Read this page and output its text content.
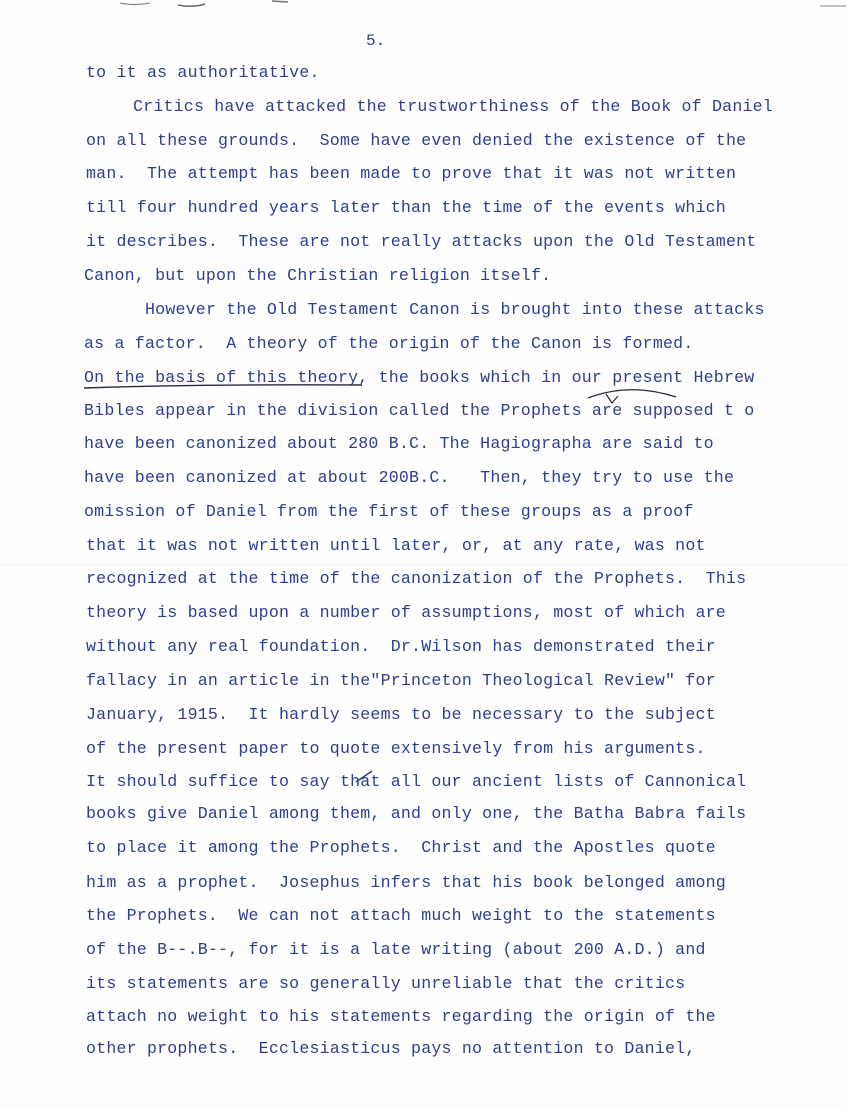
5.
to it as authoritative.
Critics have attacked the trustworthiness of the Book of Daniel
on all these grounds.  Some have even denied the existence of the
man.  The attempt has been made to prove that it was not written
till four hundred years later than the time of the events which
it describes.  These are not really attacks upon the Old Testament
Canon, but upon the Christian religion itself.
However the Old Testament Canon is brought into these attacks
as a factor.  A theory of the origin of the Canon is formed.
On the basis of this theory, the books which in our present Hebrew
Bibles appear in the division called the Prophets are supposed t o
have been canonized about 280 B.C. The Hagiographa are said to
have been canonized at about 200B.C.   Then, they try to use the
omission of Daniel from the first of these groups as a proof
that it was not written until later, or, at any rate, was not
recognized at the time of the canonization of the Prophets.  This
theory is based upon a number of assumptions, most of which are
without any real foundation.  Dr.Wilson has demonstrated their
fallacy in an article in the"Princeton Theological Review" for
January, 1915.  It hardly seems to be necessary to the subject
of the present paper to quote extensively from his arguments.
It should suffice to say that all our ancient lists of Cannonical
books give Daniel among them, and only one, the Batha Babra fails
to place it among the Prophets.  Christ and the Apostles quote
him as a prophet.  Josephus infers that his book belonged among
the Prophets.  We can not attach much weight to the statements
of the B--.B--, for it is a late writing (about 200 A.D.) and
its statements are so generally unreliable that the critics
attach no weight to his statements regarding the origin of the
other prophets.  Ecclesiasticus pays no attention to Daniel,
